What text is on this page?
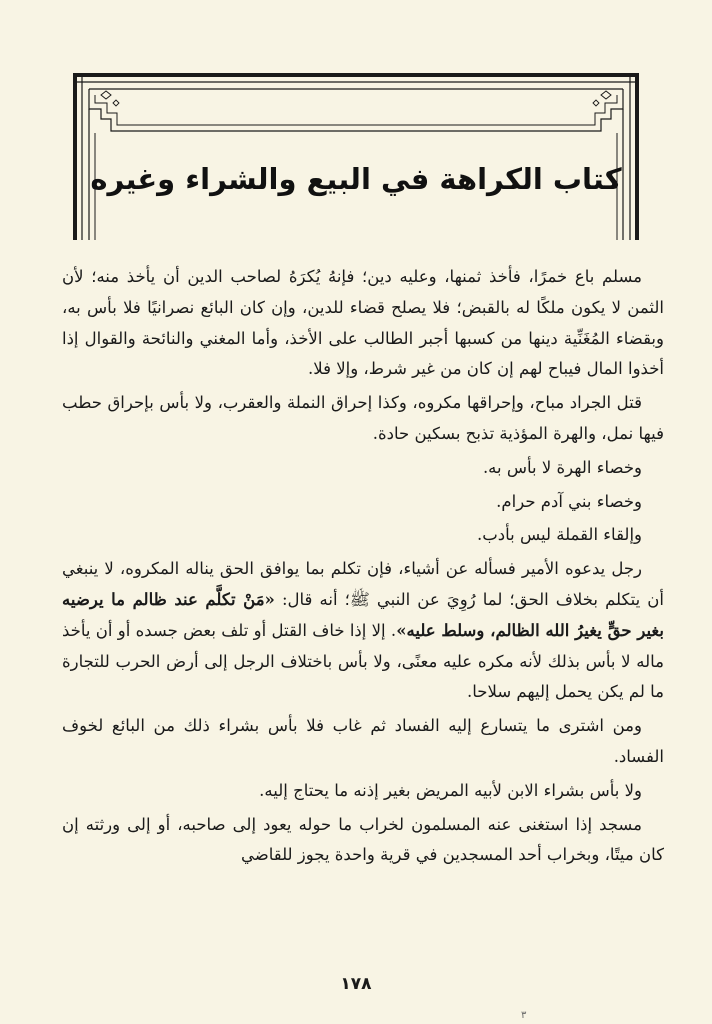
كتاب الكراهة في البيع والشراء وغيره

مسلم باع خمرًا، فأخذ ثمنها، وعليه دين؛ فإنهُ يُكرَهُ لصاحب الدين أن يأخذ منه؛ لأن الثمن لا يكون ملكًا له بالقبض؛ فلا يصلح قضاء للدين، وإن كان البائع نصرانيًا فلا بأس به، وبقضاء المُغَنِّية دينها من كسبها أجبر الطالب على الأخذ، وأما المغني والنائحة والقوال إذا أخذوا المال فيباح لهم إن كان من غير شرط، وإلا فلا.

قتل الجراد مباح، وإحراقها مكروه، وكذا إحراق النملة والعقرب، ولا بأس بإحراق حطب فيها نمل، والهرة المؤذية تذبح بسكين حادة.

وخصاء الهرة لا بأس به.

وخصاء بني آدم حرام.

وإلقاء القملة ليس بأدب.

رجل يدعوه الأمير فسأله عن أشياء، فإن تكلم بما يوافق الحق يناله المكروه، لا ينبغي أن يتكلم بخلاف الحق؛ لما رُوِيَ عن النبي ﷺ؛ أنه قال: «مَنْ تكلَّم عند ظالم ما يرضيه بغير حقٍّ يغيرُ الله الظالم، وسلط عليه». إلا إذا خاف القتل أو تلف بعض جسده أو أن يأخذ ماله لا بأس بذلك لأنه مكره عليه معنًى، ولا بأس باختلاف الرجل إلى أرض الحرب للتجارة ما لم يكن يحمل إليهم سلاحا.

ومن اشترى ما يتسارع إليه الفساد ثم غاب فلا بأس بشراء ذلك من البائع لخوف الفساد.

ولا بأس بشراء الابن لأبيه المريض بغير إذنه ما يحتاج إليه.

مسجد إذا استغنى عنه المسلمون لخراب ما حوله يعود إلى صاحبه، أو إلى ورثته إن كان ميتًا، وبخراب أحد المسجدين في قرية واحدة يجوز للقاضي

١٧٨
٣
